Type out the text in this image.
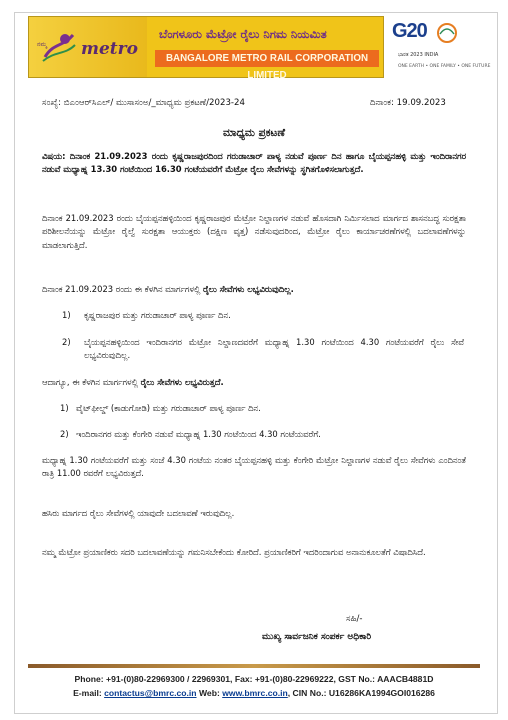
ನಮ್ಮ metro
ಬೆಂಗಳೂರು ಮೆಟ್ರೋ ರೈಲು ನಿಗಮ ನಿಯಮಿತ
BANGALORE METRO RAIL CORPORATION LIMITED
G20
ಭಾರತ 2023 INDIA
ONE EARTH • ONE FAMILY • ONE FUTURE
ಸಂಖ್ಯೆ: ಬಿಎಂಆರ್‌ಸಿಎಲ್/ ಮುಸಾಸಂಅ/_ಮಾಧ್ಯಮ ಪ್ರಕಟಣೆ/2023-24	ದಿನಾಂಕ: 19.09.2023
ಮಾಧ್ಯಮ ಪ್ರಕಟಣೆ
ವಿಷಯ: ದಿನಾಂಕ 21.09.2023 ರಂದು ಕೃಷ್ಣರಾಜಪುರದಿಂದ ಗರುಡಾಚಾರ್ ಪಾಳ್ಯ ನಡುವೆ ಪೂರ್ಣ ದಿನ ಹಾಗೂ ಬೈಯಪ್ಪನಹಳ್ಳಿ ಮತ್ತು ಇಂದಿರಾನಗರ ನಡುವೆ ಮಧ್ಯಾಹ್ನ 13.30 ಗಂಟೆಯಿಂದ 16.30 ಗಂಟೆಯವರೆಗೆ ಮೆಟ್ರೋ ರೈಲು ಸೇವೆಗಳನ್ನು ಸ್ಥಗಿತಗೊಳಿಸಲಾಗುತ್ತದೆ.
ದಿನಾಂಕ 21.09.2023 ರಂದು ಬೈಯಪ್ಪನಹಳ್ಳಿಯಿಂದ ಕೃಷ್ಣರಾಜಪುರ ಮೆಟ್ರೋ ನಿಲ್ದಾಣಗಳ ನಡುವೆ ಹೊಸದಾಗಿ ನಿರ್ಮಿಸಲಾದ ಮಾರ್ಗದ ಶಾಸನಬದ್ಧ ಸುರಕ್ಷತಾ ಪರಿಶೀಲನೆಯನ್ನು ಮೆಟ್ರೋ ರೈಲ್ವೆ ಸುರಕ್ಷತಾ ಆಯುಕ್ತರು (ದಕ್ಷಿಣ ವೃತ್ತ) ನಡೆಸುವುದರಿಂದ, ಮೆಟ್ರೋ ರೈಲು ಕಾರ್ಯಾಚರಣೆಗಳಲ್ಲಿ ಬದಲಾವಣೆಗಳನ್ನು ಮಾಡಲಾಗುತ್ತಿದೆ.
ದಿನಾಂಕ 21.09.2023 ರಂದು ಈ ಕೆಳಗಿನ ಮಾರ್ಗಗಳಲ್ಲಿ ರೈಲು ಸೇವೆಗಳು ಲಭ್ಯವಿರುವುದಿಲ್ಲ.
1) ಕೃಷ್ಣರಾಜಪುರ ಮತ್ತು ಗರುಡಾಚಾರ್ ಪಾಳ್ಯ ಪೂರ್ಣ ದಿನ.
2) ಬೈಯಪ್ಪನಹಳ್ಳಿಯಿಂದ ಇಂದಿರಾನಗರ ಮೆಟ್ರೋ ನಿಲ್ದಾಣದವರೆಗೆ ಮಧ್ಯಾಹ್ನ 1.30 ಗಂಟೆಯಿಂದ 4.30 ಗಂಟೆಯವರೆಗೆ ರೈಲು ಸೇವೆ ಲಭ್ಯವಿರುವುದಿಲ್ಲ.
ಆದಾಗ್ಯೂ, ಈ ಕೆಳಗಿನ ಮಾರ್ಗಗಳಲ್ಲಿ ರೈಲು ಸೇವೆಗಳು ಲಭ್ಯವಿರುತ್ತದೆ.
1) ವೈಟ್‌ಫೀಲ್ಡ್ (ಕಾಡುಗೋಡಿ) ಮತ್ತು ಗರುಡಾಚಾರ್ ಪಾಳ್ಯ ಪೂರ್ಣ ದಿನ.
2) ಇಂದಿರಾನಗರ ಮತ್ತು ಕೆಂಗೇರಿ ನಡುವೆ ಮಧ್ಯಾಹ್ನ 1.30 ಗಂಟೆಯಿಂದ 4.30 ಗಂಟೆಯವರೆಗೆ.
ಮಧ್ಯಾಹ್ನ 1.30 ಗಂಟೆಯವರೆಗೆ ಮತ್ತು ಸಂಜೆ 4.30 ಗಂಟೆಯ ನಂತರ ಬೈಯಪ್ಪನಹಳ್ಳಿ ಮತ್ತು ಕೆಂಗೇರಿ ಮೆಟ್ರೋ ನಿಲ್ದಾಣಗಳ ನಡುವೆ ರೈಲು ಸೇವೆಗಳು ಎಂದಿನಂತೆ ರಾತ್ರಿ 11.00 ರವರೆಗೆ ಲಭ್ಯವಿರುತ್ತದೆ.
ಹಸಿರು ಮಾರ್ಗದ ರೈಲು ಸೇವೆಗಳಲ್ಲಿ ಯಾವುದೇ ಬದಲಾವಣೆ ಇರುವುದಿಲ್ಲ.
ನಮ್ಮ ಮೆಟ್ರೋ ಪ್ರಯಾಣಿಕರು ಸದರಿ ಬದಲಾವಣೆಯನ್ನು ಗಮನಿಸಬೇಕೆಂದು ಕೋರಿದೆ. ಪ್ರಯಾಣಿಕರಿಗೆ ಇದರಿಂದಾಗುವ ಅನಾನುಕೂಲತೆಗೆ ವಿಷಾದಿಸಿದೆ.
ಸಹಿ/-
ಮುಖ್ಯ ಸಾರ್ವಜನಿಕ ಸಂಪರ್ಕ ಅಧಿಕಾರಿ
Phone: +91-(0)80-22969300 / 22969301, Fax: +91-(0)80-22969222, GST No.: AAACB4881D
E-mail: contactus@bmrc.co.in Web: www.bmrc.co.in, CIN No.: U16286KA1994GOI016286
